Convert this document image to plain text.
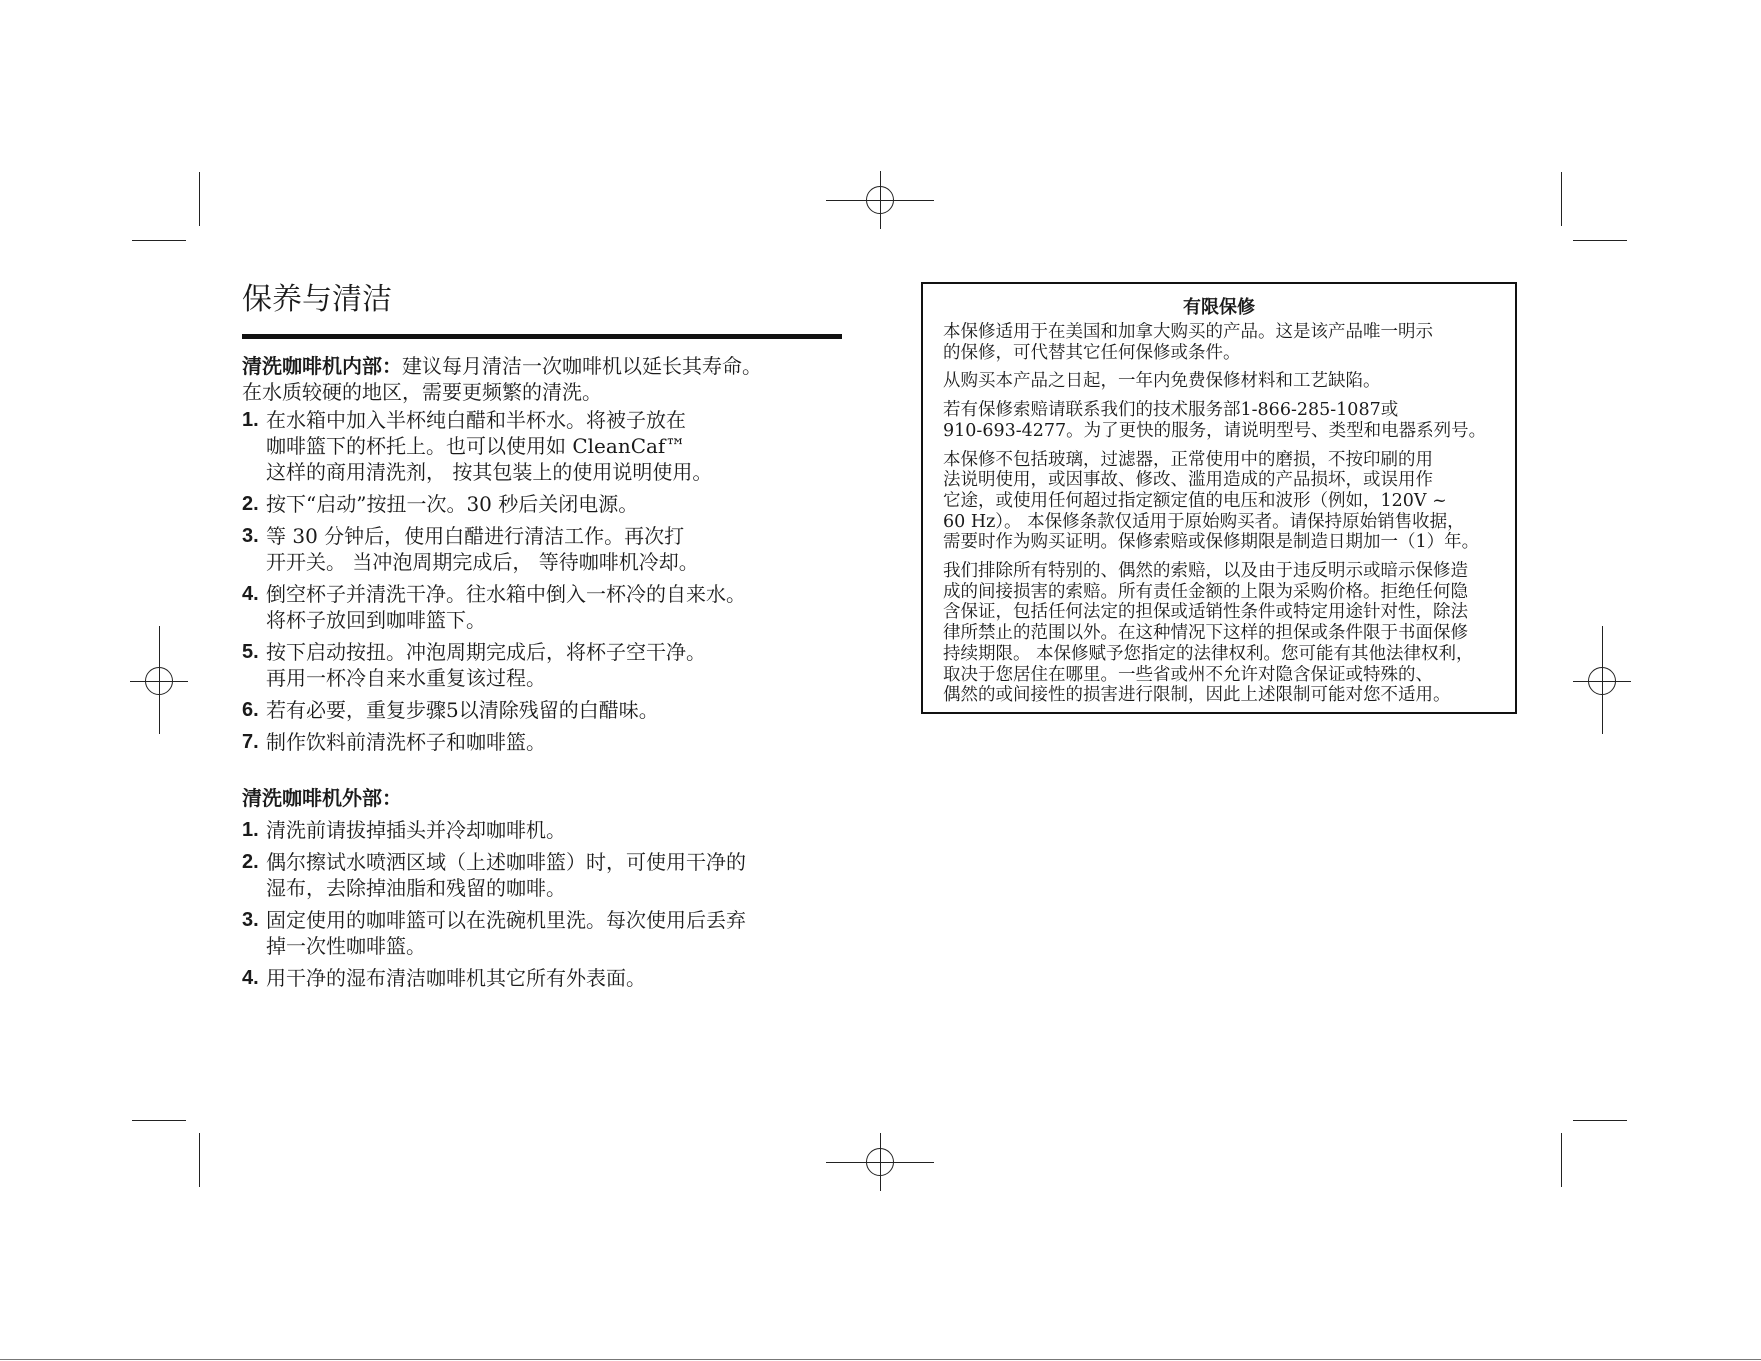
保养与清洁
清洗咖啡机内部：建议每月清洁一次咖啡机以延长其寿命。
在水质较硬的地区，需要更频繁的清洗。
1. 在水箱中加入半杯纯白醋和半杯水。将被子放在
咖啡篮下的杯托上。也可以使用如 CleanCaf™
这样的商用清洗剂， 按其包装上的使用说明使用。
2. 按下“启动”按扭一次。30 秒后关闭电源。
3. 等 30 分钟后，使用白醋进行清洁工作。再次打
开开关。 当冲泡周期完成后， 等待咖啡机冷却。
4. 倒空杯子并清洗干净。往水箱中倒入一杯冷的自来水。
将杯子放回到咖啡篮下。
5. 按下启动按扭。冲泡周期完成后，将杯子空干净。
再用一杯冷自来水重复该过程。
6. 若有必要，重复步骤5以清除残留的白醋味。
7. 制作饮料前清洗杯子和咖啡篮。
清洗咖啡机外部：
1. 清洗前请拔掉插头并冷却咖啡机。
2. 偶尔擦试水喷洒区域（上述咖啡篮）时，可使用干净的
湿布，去除掉油脂和残留的咖啡。
3. 固定使用的咖啡篮可以在洗碗机里洗。每次使用后丢弃
掉一次性咖啡篮。
4. 用干净的湿布清洁咖啡机其它所有外表面。
有限保修
本保修适用于在美国和加拿大购买的产品。这是该产品唯一明示
的保修，可代替其它任何保修或条件。
从购买本产品之日起，一年内免费保修材料和工艺缺陷。
若有保修索赔请联系我们的技术服务部1-866-285-1087或
910-693-4277。为了更快的服务，请说明型号、类型和电器系列号。
本保修不包括玻璃，过滤器，正常使用中的磨损，不按印刷的用
法说明使用，或因事故、修改、滥用造成的产品损坏，或误用作
它途，或使用任何超过指定额定值的电压和波形（例如，120V ~
60 Hz）。 本保修条款仅适用于原始购买者。请保持原始销售收据，
需要时作为购买证明。保修索赔或保修期限是制造日期加一（1）年。
我们排除所有特别的、偶然的索赔，以及由于违反明示或暗示保修造
成的间接损害的索赔。所有责任金额的上限为采购价格。拒绝任何隐
含保证，包括任何法定的担保或适销性条件或特定用途针对性，除法
律所禁止的范围以外。在这种情况下这样的担保或条件限于书面保修
持续期限。 本保修赋予您指定的法律权利。您可能有其他法律权利，
取决于您居住在哪里。一些省或州不允许对隐含保证或特殊的、
偶然的或间接性的损害进行限制，因此上述限制可能对您不适用。
